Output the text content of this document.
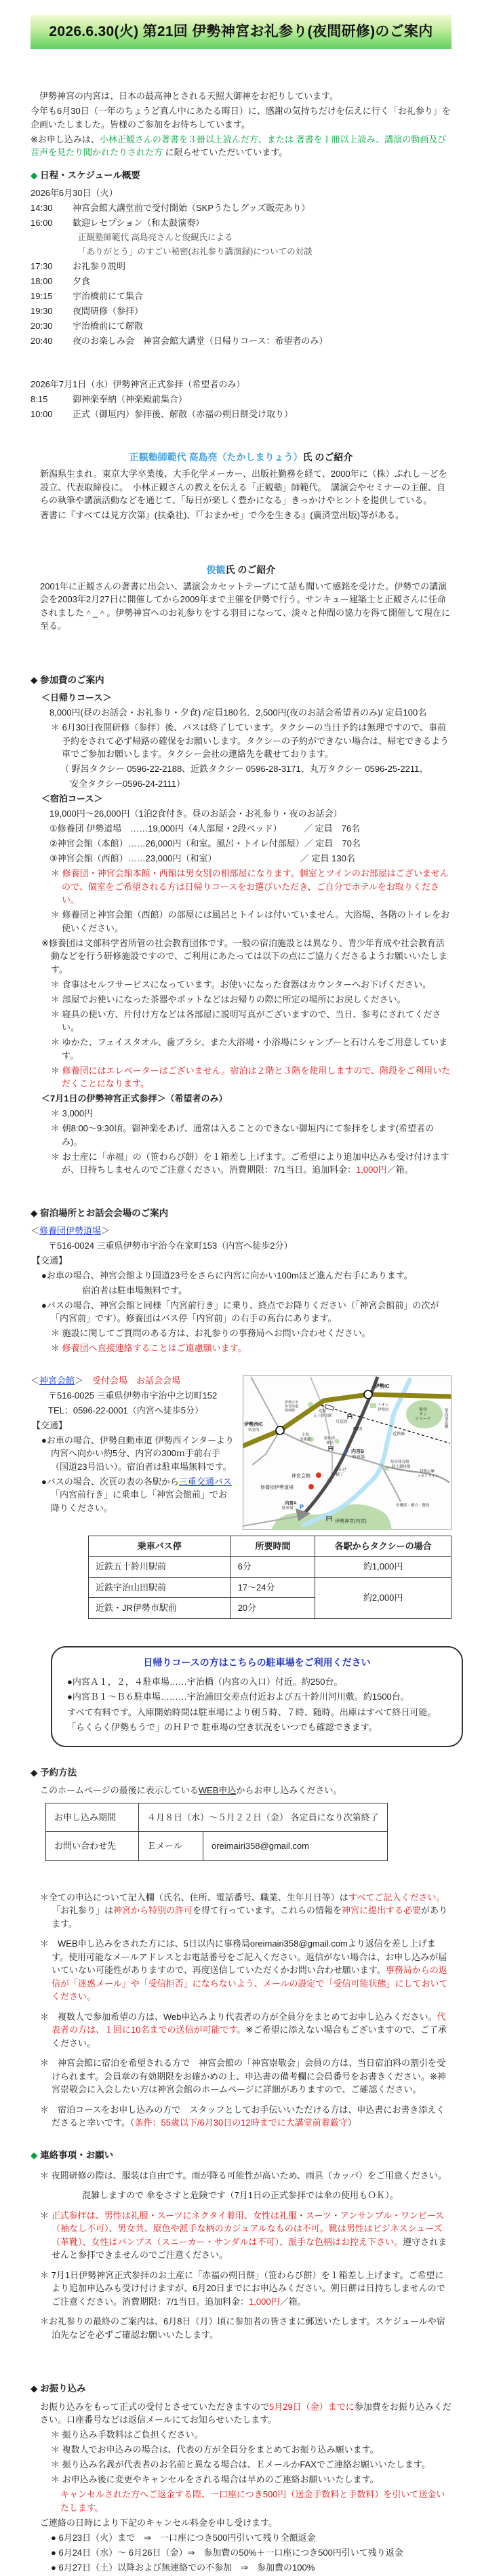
2026.6.30(火) 第21回 伊勢神宮お礼参り(夜間研修)のご案内
　伊勢神宮の内宮は、日本の最高神とされる天照大御神をお祀りしています。
今年も6月30日（一年のちょうど真ん中にあたる晦日）に、感謝の気持ちだけを伝えに行く「お礼参り」を企画いたしました。皆様のご参加をお待ちしています。
※お申し込みは、小林正観さんの著書を３冊以上読んだ方、または 著書を１冊以上読み、講演の動画及び音声を見たり聞かれたりされた方 に限らせていただいています。
◆ 日程・スケジュール概要
2026年6月30日（火）
14:30	神宮会館大講堂前で受付開始（SKPうたしグッズ販売あり）
16:00	歓迎レセプション（和太鼓演奏）
正観塾師範代 高島亮さんと俊観氏による
「ありがとう」のすごい秘密(お礼参り講演録)についての対談
17:30	お礼参り説明
18:00	夕食
19:15	宇治橋前にて集合
19:30	夜間研修（参拝）
20:30	宇治橋前にて解散
20:40	夜のお楽しみ会　神宮会館大講堂（日帰りコース：希望者のみ）
2026年7月1日（水）伊勢神宮正式参拝（希望者のみ）
8:15	御神楽奉納（神楽殿前集合）
10:00	正式（御垣内）参拝後、解散（赤福の朔日餅受け取り）
正観塾師範代 高島亮（たかしまりょう）氏 のご紹介
新潟県生まれ。東京大学卒業後、大手化学メーカー、出版社勤務を経て、2000年に（株）ぷれし〜どを設立、代表取締役に。　小林正観さんの教えを伝える「正観塾」師範代。　講演会やセミナーの主催、自らの執筆や講演活動などを通じて、「毎日が楽しく豊かになる」きっかけやヒントを提供している。
著書に『すべては見方次第』(扶桑社)、『「おまかせ」で今を生きる』(廣済堂出版)等がある。
俊観氏 のご紹介
2001年に正観さんの著書に出会い、講演会カセットテープにて話も聞いて感銘を受けた。伊勢での講演会を2003年2月27日に開催してから2009年まで主催を伊勢で行う。サンキュー建築士と正観さんに任命されました＾_＾。伊勢神宮へのお礼参りをする羽目になって、淡々と仲間の協力を得て開催して現在に至る。
◆ 参加費のご案内
＜日帰りコース＞
8,000円(昼のお話会・お礼参り・夕食) /定員180名．2,500円(夜のお話会希望者のみ)/ 定員100名
＊ 6月30日夜間研修（参拝）後、バスは終了しています。タクシーの当日予約は無理ですので、事前予約をされて必ず帰路の確保をお願いします。タクシーの予約ができない場合は、帰宅できるよう車でご参加お願いします。タクシー会社の連絡先を載せております。
（ 野呂タクシー 0596-22-2188、近鉄タクシー 0596-28-3171、丸万タクシー 0596-25-2211、
安全タクシー0596-24-2111）
＜宿泊コース＞
19,000円～26,000円（1泊2食付き。昼のお話会・お礼参り・夜のお話会）
①修養団 伊勢道場　……19,000円（4人部屋・2段ベッド）　　　／ 定員　76名
②神宮会館（本館）……26,000円（和室。風呂・トイレ付部屋）／ 定員　70名
③神宮会館（西館）……23,000円（和室）　　　　　　　　　　／ 定員 130名
＊ 修養団・神宮会館本館・西館は男女別の相部屋になります。個室とツインのお部屋はございませんので、個室をご希望される方は日帰りコースをお選びいただき、ご自分でホテルをお取りください。
＊ 修養団と神宮会館（西館）の部屋には風呂とトイレは付いていません。大浴場、各階のトイレをお使いください。
※修養団は文部科学省所管の社会教育団体です。一般の宿泊施設とは異なり、青少年育成や社会教育活動などを行う研修施設ですので、ご利用にあたっては以下の点にご協力くださるようお願いいたします。
＊ 食事はセルフサービスになっています。お使いになった食器はカウンターへお下げください。
＊ 部屋でお使いになった茶器やポットなどはお帰りの際に所定の場所にお戻しください。
＊ 寝具の使い方、片付け方などは各部屋に説明写真がございますので、当日、参考にされてください。
＊ ゆかた、フェイスタオル、歯ブラシ、また大浴場・小浴場にシャンプーと石けんをご用意しています。
＊ 修養団にはエレベーターはございません。宿泊は２階と３階を使用しますので、階段をご利用いただくことになります。
＜7月1日の伊勢神宮正式参拝＞（希望者のみ）
＊ 3,000円
＊ 朝8:00～9:30頃。御神楽をあげ、通常は入ることのできない御垣内にて参拝をします(希望者のみ)。
＊ お土産に「赤福」の（笹わらび餅）を１箱差し上げます。ご希望により追加申込みも受け付けますが、日持ちしませんのでご注意ください。消費期限：7/1当日。追加料金：1,000円／箱。
◆ 宿泊場所とお話会会場のご案内
＜修養団伊勢道場＞
〒516-0024 三重県伊勢市宇治今在家町153（内宮へ徒歩2分）
【交通】
●お車の場合、神宮会館より国道23号をさらに内宮に向かい100mほど進んだ右手にあります。
宿泊者は駐車場無料です。
●バスの場合、神宮会館と同様「内宮前行き」に乗り、終点でお降りください（「神宮会館前」の次が「内宮前」です）。修養団はバス停「内宮前」の右手の高台にあります。
＊ 施設に関してご質問のある方は、お礼参りの事務局へお問い合わせください。
＊ 修養団へ直接連絡することはご遠慮願います。
伊勢IC
伊勢西IC
料金所
伊勢古市
参宮街道
資料館	近鉄
五十鈴川駅
月読宮
イオン
伊勢店	県営
サン
アリーナ	至鳥羽志摩
小坂
美術館	猿田彦
神社
R23
近鉄線
P 内宮B
駐車場
県営体育館
陸上競技場
おかげ
横丁
伊勢志摩
スカイライン
神宮会館
修養団伊勢道場
内宮A
駐車場 P	至磯部・鵜方・賢島
伊勢神宮(内宮)
＜神宮会館＞　受付会場　お話会会場
〒516-0025 三重県伊勢市宇治中之切町152
TEL：0596-22-0001（内宮へ徒歩5分）
【交通】
●お車の場合、伊勢自動車道 伊勢西インターより内宮へ向かい約5分、内宮の300ｍ手前右手（国道23号沿い）。宿泊者は駐車場無料です。
●バスの場合、次頁の表の各駅から三重交通バス「内宮前行き」に乗車し「神宮会館前」でお降りください。
乗車バス停	所要時間	各駅からタクシーの場合
近鉄五十鈴川駅前	6分	約1,000円
近鉄宇治山田駅前	17～24分	約2,000円
近鉄・JR伊勢市駅前	20分	
日帰りコースの方はこちらの駐車場をご利用ください
●内宮Ａ１，２，４駐車場……宇治橋（内宮の入口）付近。約250台。
●内宮Ｂ１～Ｂ６駐車場………宇治浦田交差点付近および五十鈴川河川敷。約1500台。
すべて有料です。入庫開始時間は駐車場により朝５時、７時、随時。出庫はすべて終日可能。
「らくらく伊勢もうで」のＨＰで 駐車場の空き状況をいつでも確認できます。
◆ 予約方法
このホームページの最後に表示しているWEB申込からお申し込みください。
お申し込み期間	４月８日（水）～５月２２日（金） 各定員になり次第終了	
お問い合わせ先	Ｅメール	oreimairi358@gmail.com
＊全ての申込について記入欄（氏名、住所、電話番号、職業、生年月日等）はすべてご記入ください。「お礼参り」は神宮から特別の許可を得て行っています。これらの情報を神宮に提出する必要があります。
＊　WEB申し込みをされた方には、5日以内に事務局oreimairi358@gmail.comより返信を差し上げます。使用可能なメールアドレスとお電話番号をご記入ください。返信がない場合は、お申し込みが届いていない可能性がありますので、再度送信していただくかお問い合わせ願います。事務局からの返信が「迷惑メール」や「受信拒否」にならないよう、メールの設定で「受信可能状態」にしておいてください。
＊　複数人で参加希望の方は、Web申込みより代表者の方が全員分をまとめてお申し込みください。代表者の方は、１回に10名までの送信が可能です。※ご希望に添えない場合もございますので、ご了承ください。
＊　神宮会館に宿泊を希望される方で　神宮会館の「神宮崇敬会」会員の方は、当日宿泊料の割引を受けられます。会員章の有効期限をお確かめの上、申込書の備考欄に会員番号をお書きください。※神宮崇敬会に入会したい方は神宮会館のホームページに詳細がありますので、ご確認ください。
＊　宿泊コースをお申し込みの方で　スタッフとしてお手伝いいただける方は、申込書にお書き添えくださると幸いです。（条件：55歳以下/6月30日の12時までに大講堂前着厳守）
◆ 連絡事項・お願い
＊ 夜間研修の際は、服装は自由です。雨が降る可能性が高いため、雨具（カッパ）をご用意ください。
混雑しますので 傘をさすと危険です（7月1日の正式参拝では傘の使用もＯＫ）。
＊ 正式参拝は、男性は礼服・スーツにネクタイ着用、女性は礼服・スーツ・アンサンブル・ワンピース（袖なし不可）、男女共、原色や派手な柄のカジュアルなものは不可。靴は男性はビジネスシューズ（革靴）、女性はパンプス（スニーカー・サンダルは不可）、派手な色柄はお控え下さい。遵守されませんと参拝できませんのでご注意ください。
＊ 7月1日伊勢神宮正式参拝のお土産に「赤福の朔日餅」（笹わらび餅）を１箱差し上げます。ご希望により追加申込みも受け付けますが、6月20日までにお申込みください。朔日餅は日持ちしませんのでご注意ください。消費期限：7/1当日。追加料金：1,000円／箱。
＊お礼参りの最終のご案内は、6月8日（月）頃に参加者の皆さまに郵送いたします。スケジュールや宿泊先などを必ずご確認お願いいたします。
◆ お振り込み
お振り込みをもって正式の受付とさせていただきますので5月29日（金）までに参加費をお振り込みください。口座番号などは返信メールにてお知らせいたします。
＊ 振り込み手数料はご負担ください。
＊ 複数人でお申込みの場合は、代表の方が全員分をまとめてお振り込み願います。
＊ 振り込み名義が代表者のお名前と異なる場合は、ＥメールかFAXでご連絡お願いいたします。
＊ お申込み後に変更やキャンセルをされる場合は早めのご連絡お願いいたします。
キャンセルされた方へご返金する際、一口座につき500円（送金手数料と手数料）を引いて送金いたします。
ご連絡の日時により下記のキャンセル料金を申し受けます。
● 6月23日（火）まで　⇒　一口座につき500円引いて残り全額返金
● 6月24日（水）～ 6月26日（金）⇒　参加費の50%＋一口座につき500円引いて残り返金
● 6月27日（土）以降および無連絡での不参加　⇒　参加費の100%
